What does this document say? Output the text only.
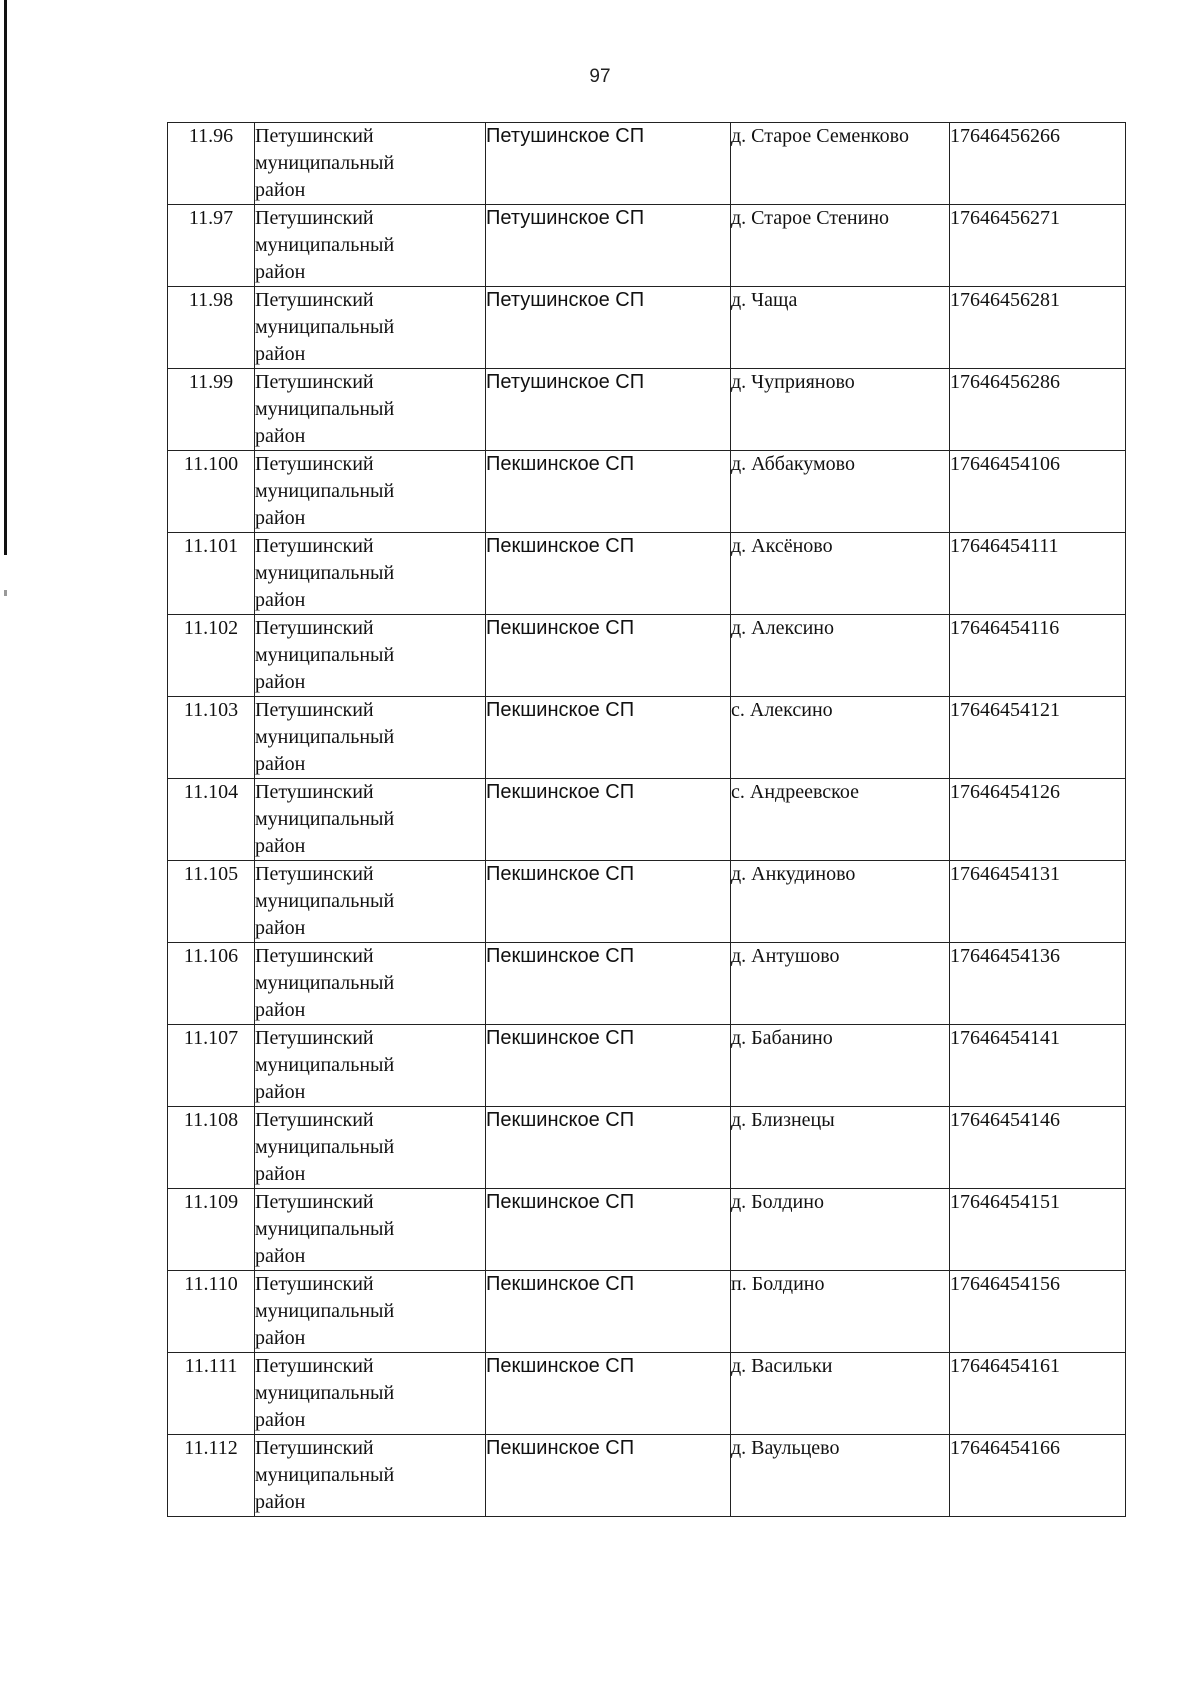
97
11.96	Петушинский
муниципальный
район	Петушинское СП	д. Старое Семенково	17646456266

11.97	Петушинский
муниципальный
район	Петушинское СП	д. Старое Стенино	17646456271

11.98	Петушинский
муниципальный
район	Петушинское СП	д. Чаща	17646456281

11.99	Петушинский
муниципальный
район	Петушинское СП	д. Чуприяново	17646456286

11.100	Петушинский
муниципальный
район	Пекшинское СП	д. Аббакумово	17646454106

11.101	Петушинский
муниципальный
район	Пекшинское СП	д. Аксёново	17646454111

11.102	Петушинский
муниципальный
район	Пекшинское СП	д. Алексино	17646454116

11.103	Петушинский
муниципальный
район	Пекшинское СП	с. Алексино	17646454121

11.104	Петушинский
муниципальный
район	Пекшинское СП	с. Андреевское	17646454126

11.105	Петушинский
муниципальный
район	Пекшинское СП	д. Анкудиново	17646454131

11.106	Петушинский
муниципальный
район	Пекшинское СП	д. Антушово	17646454136

11.107	Петушинский
муниципальный
район	Пекшинское СП	д. Бабанино	17646454141

11.108	Петушинский
муниципальный
район	Пекшинское СП	д. Близнецы	17646454146

11.109	Петушинский
муниципальный
район	Пекшинское СП	д. Болдино	17646454151

11.110	Петушинский
муниципальный
район	Пекшинское СП	п. Болдино	17646454156

11.111	Петушинский
муниципальный
район	Пекшинское СП	д. Васильки	17646454161

11.112	Петушинский
муниципальный
район	Пекшинское СП	д. Ваульцево	17646454166
